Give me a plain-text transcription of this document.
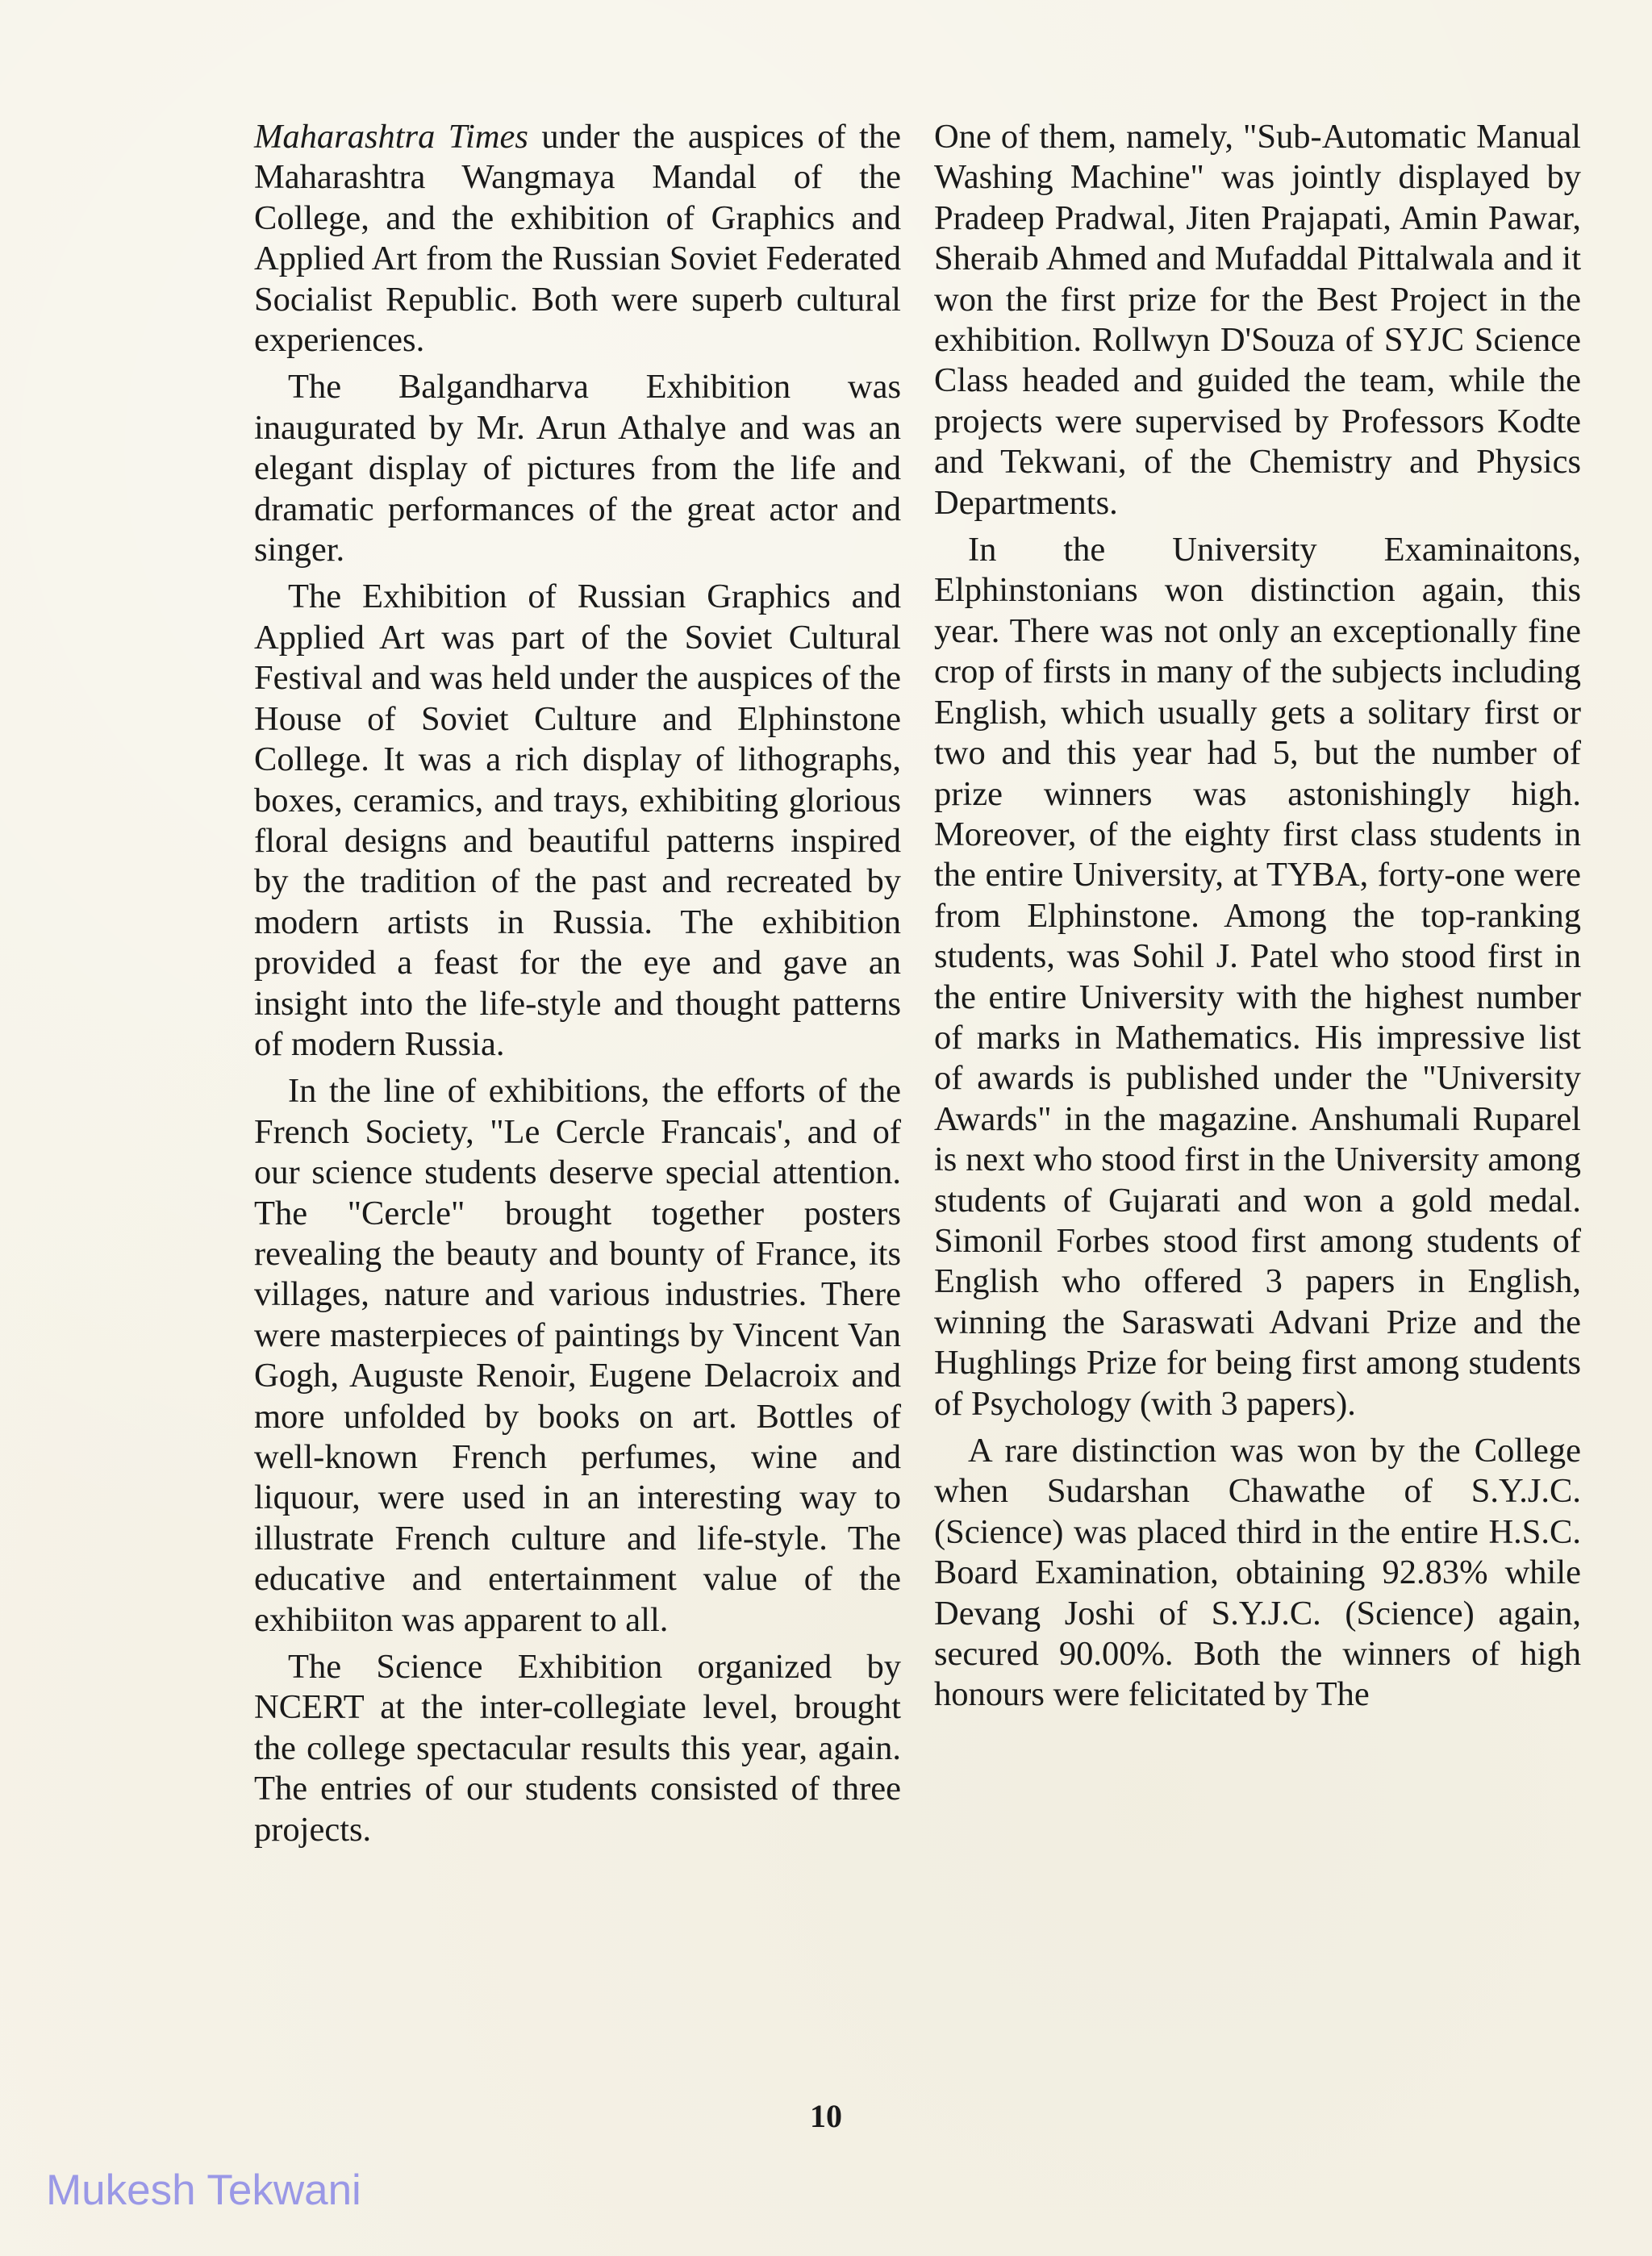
Maharashtra Times under the auspices of the Maharashtra Wangmaya Mandal of the College, and the exhibition of Graphics and Applied Art from the Russian Soviet Federated Socialist Republic. Both were superb cultural experiences.

The Balgandharva Exhibition was inaugurated by Mr. Arun Athalye and was an elegant display of pictures from the life and dramatic performances of the great actor and singer.

The Exhibition of Russian Graphics and Applied Art was part of the Soviet Cultural Festival and was held under the auspices of the House of Soviet Culture and Elphinstone College. It was a rich display of lithographs, boxes, ceramics, and trays, exhibiting glorious floral designs and beautiful patterns inspired by the tradition of the past and recreated by modern artists in Russia. The exhibition provided a feast for the eye and gave an insight into the life-style and thought patterns of modern Russia.

In the line of exhibitions, the efforts of the French Society, "Le Cercle Francais', and of our science students deserve special attention. The "Cercle" brought together posters revealing the beauty and bounty of France, its villages, nature and various industries. There were masterpieces of paintings by Vincent Van Gogh, Auguste Renoir, Eugene Delacroix and more unfolded by books on art. Bottles of well-known French perfumes, wine and liquour, were used in an interesting way to illustrate French culture and life-style. The educative and entertainment value of the exhibiiton was apparent to all.

The Science Exhibition organized by NCERT at the inter-collegiate level, brought the college spectacular results this year, again. The entries of our students consisted of three projects.

One of them, namely, "Sub-Automatic Manual Washing Machine" was jointly displayed by Pradeep Pradwal, Jiten Prajapati, Amin Pawar, Sheraib Ahmed and Mufaddal Pittalwala and it won the first prize for the Best Project in the exhibition. Rollwyn D'Souza of SYJC Science Class headed and guided the team, while the projects were supervised by Professors Kodte and Tekwani, of the Chemistry and Physics Departments.

In the University Examinaitons, Elphinstonians won distinction again, this year. There was not only an exceptionally fine crop of firsts in many of the subjects including English, which usually gets a solitary first or two and this year had 5, but the number of prize winners was astonishingly high. Moreover, of the eighty first class students in the entire University, at TYBA, forty-one were from Elphinstone. Among the top-ranking students, was Sohil J. Patel who stood first in the entire University with the highest number of marks in Mathematics. His impressive list of awards is published under the "University Awards" in the magazine. Anshumali Ruparel is next who stood first in the University among students of Gujarati and won a gold medal. Simonil Forbes stood first among students of English who offered 3 papers in English, winning the Saraswati Advani Prize and the Hughlings Prize for being first among students of Psychology (with 3 papers).

A rare distinction was won by the College when Sudarshan Chawathe of S.Y.J.C. (Science) was placed third in the entire H.S.C. Board Examination, obtaining 92.83% while Devang Joshi of S.Y.J.C. (Science) again, secured 90.00%. Both the winners of high honours were felicitated by The

10
Mukesh Tekwani
